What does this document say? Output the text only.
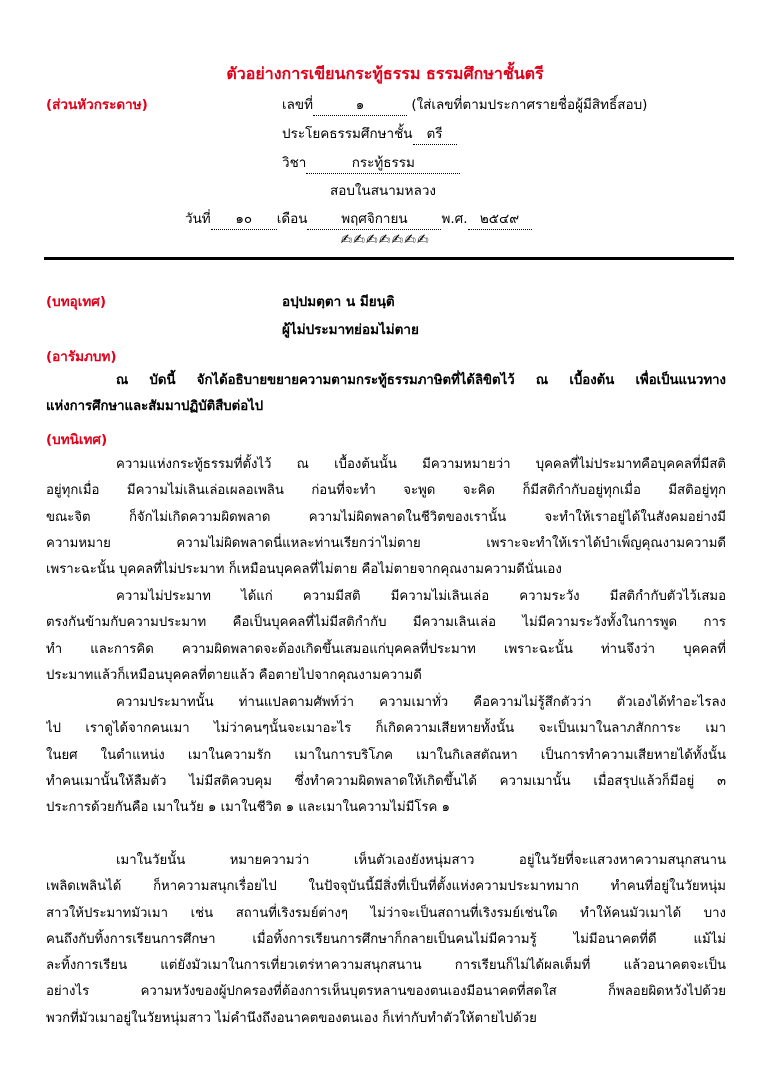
ตัวอย่างการเขียนกระทู้ธรรม ธรรมศึกษาชั้นตรี
(ส่วนหัวกระดาษ)	เลขที่	๑	(ใส่เลขที่ตามประกาศรายชื่อผู้มีสิทธิ์สอบ)
ประโยคธรรมศึกษาชั้น ตรี
วิชา	กระทู้ธรรม
สอบในสนามหลวง
วันที่ ๑๐ เดือน	พฤศจิกายน	พ.ศ. ๒๕๔๙
✍✍✍✍✍✍✍
(บทอุเทศ)	อปฺปมตฺตา น มียนฺติ
ผู้ไม่ประมาทย่อมไม่ตาย
(อารัมภบท)
ณ บัดนี้ จักได้อธิบายขยายความตามกระทู้ธรรมภาษิตที่ได้ลิขิตไว้ ณ เบื้องต้น เพื่อเป็นแนวทาง
แห่งการศึกษาและสัมมาปฏิบัติสืบต่อไป
(บทนิเทศ)
ความแห่งกระทู้ธรรมที่ตั้งไว้ ณ เบื้องต้นนั้น มีความหมายว่า บุคคลที่ไม่ประมาทคือบุคคลที่มีสติ
อยู่ทุกเมื่อ มีความไม่เลินเล่อเผลอเพลิน ก่อนที่จะทำ จะพูด จะคิด ก็มีสติกำกับอยู่ทุกเมื่อ มีสติอยู่ทุก
ขณะจิต ก็จักไม่เกิดความผิดพลาด ความไม่ผิดพลาดในชีวิตของเรานั้น จะทำให้เราอยู่ได้ในสังคมอย่างมี
ความหมาย ความไม่ผิดพลาดนี่แหละท่านเรียกว่าไม่ตาย เพราะจะทำให้เราได้บำเพ็ญคุณงามความดี
เพราะฉะนั้น บุคคลที่ไม่ประมาท ก็เหมือนบุคคลที่ไม่ตาย คือไม่ตายจากคุณงามความดีนั่นเอง
ความไม่ประมาท ได้แก่ ความมีสติ มีความไม่เลินเล่อ ความระวัง มีสติกำกับตัวไว้เสมอ
ตรงกันข้ามกับความประมาท คือเป็นบุคคลที่ไม่มีสติกำกับ มีความเลินเล่อ ไม่มีความระวังทั้งในการพูด การ
ทำ และการคิด ความผิดพลาดจะต้องเกิดขึ้นเสมอแก่บุคคลที่ประมาท เพราะฉะนั้น ท่านจึงว่า บุคคลที่
ประมาทแล้วก็เหมือนบุคคลที่ตายแล้ว คือตายไปจากคุณงามความดี
ความประมาทนั้น ท่านแปลตามศัพท์ว่า ความเมาทั่ว คือความไม่รู้สึกตัวว่า ตัวเองได้ทำอะไรลง
ไป เราดูได้จากคนเมา ไม่ว่าคนๆนั้นจะเมาอะไร ก็เกิดความเสียหายทั้งนั้น จะเป็นเมาในลาภสักการะ เมา
ในยศ ในตำแหน่ง เมาในความรัก เมาในการบริโภค เมาในกิเลสตัณหา เป็นการทำความเสียหายได้ทั้งนั้น
ทำคนเมานั้นให้ลืมตัว ไม่มีสติควบคุม ซึ่งทำความผิดพลาดให้เกิดขึ้นได้ ความเมานั้น เมื่อสรุปแล้วก็มีอยู่ ๓
ประการด้วยกันคือ เมาในวัย ๑ เมาในชีวิต ๑ และเมาในความไม่มีโรค ๑
เมาในวัยนั้น หมายความว่า เห็นตัวเองยังหนุ่มสาว อยู่ในวัยที่จะแสวงหาความสนุกสนาน
เพลิดเพลินได้ ก็หาความสนุกเรื่อยไป ในปัจจุบันนี้มีสิ่งที่เป็นที่ตั้งแห่งความประมาทมาก ทำคนที่อยู่ในวัยหนุ่ม
สาวให้ประมาทมัวเมา เช่น สถานที่เริงรมย์ต่างๆ ไม่ว่าจะเป็นสถานที่เริงรมย์เช่นใด ทำให้คนมัวเมาได้ บาง
คนถึงกับทิ้งการเรียนการศึกษา เมื่อทิ้งการเรียนการศึกษาก็กลายเป็นคนไม่มีความรู้ ไม่มีอนาคตที่ดี แม้ไม่
ละทิ้งการเรียน แต่ยังมัวเมาในการเที่ยวเตร่หาความสนุกสนาน การเรียนก็ไม่ได้ผลเต็มที่ แล้วอนาคตจะเป็น
อย่างไร ความหวังของผู้ปกครองที่ต้องการเห็นบุตรหลานของตนเองมีอนาคตที่สดใส ก็พลอยผิดหวังไปด้วย
พวกที่มัวเมาอยู่ในวัยหนุ่มสาว ไม่คำนึงถึงอนาคตของตนเอง ก็เท่ากับทำตัวให้ตายไปด้วย
